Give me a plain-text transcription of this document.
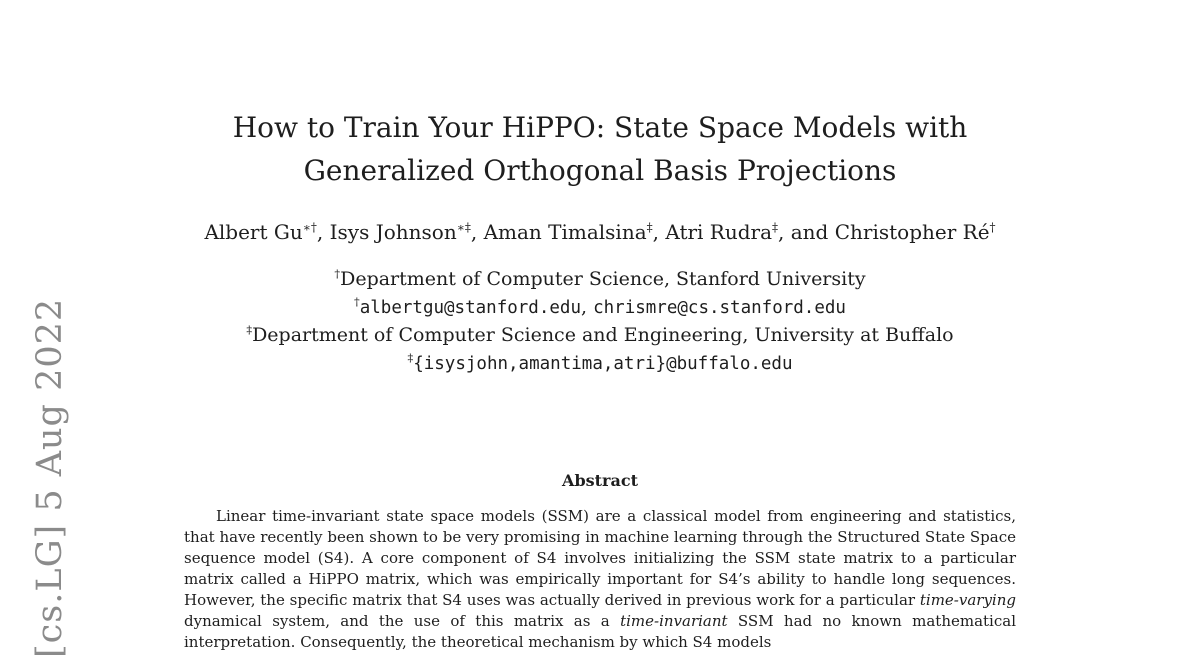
[cs.LG] 5 Aug 2022
How to Train Your HiPPO: State Space Models with
Generalized Orthogonal Basis Projections
Albert Gu∗†, Isys Johnson∗‡, Aman Timalsina‡, Atri Rudra‡, and Christopher Ré†
†Department of Computer Science, Stanford University
†albertgu@stanford.edu, chrismre@cs.stanford.edu
‡Department of Computer Science and Engineering, University at Buffalo
‡{isysjohn,amantima,atri}@buffalo.edu
Abstract
Linear time-invariant state space models (SSM) are a classical model from engineering and statistics, that have recently been shown to be very promising in machine learning through the Structured State Space sequence model (S4). A core component of S4 involves initializing the SSM state matrix to a particular matrix called a HiPPO matrix, which was empirically important for S4’s ability to handle long sequences. However, the specific matrix that S4 uses was actually derived in previous work for a particular time-varying dynamical system, and the use of this matrix as a time-invariant SSM had no known mathematical interpretation. Consequently, the theoretical mechanism by which S4 models
